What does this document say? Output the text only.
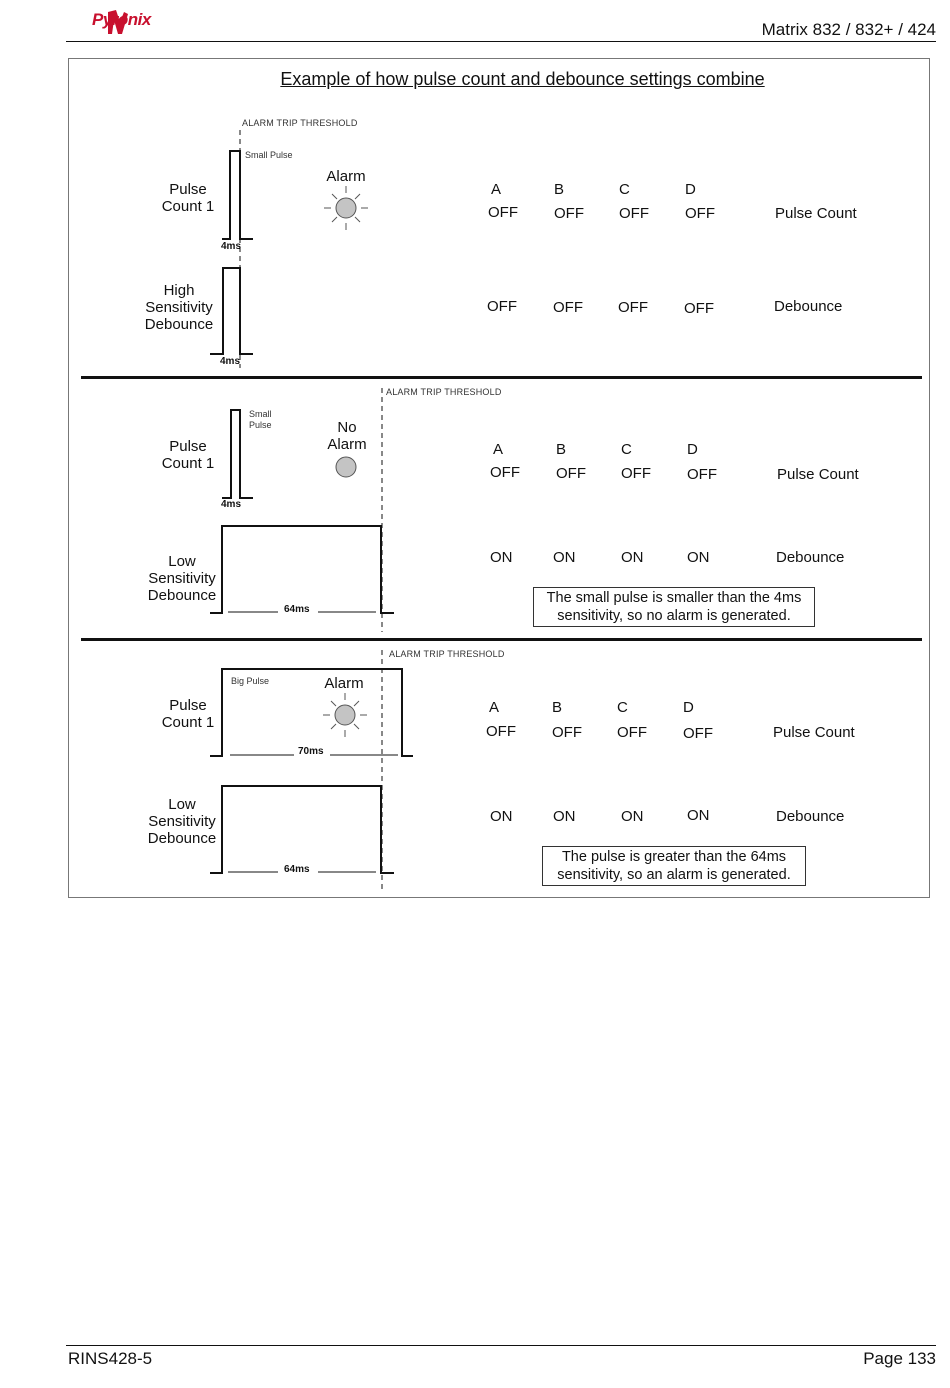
Pyronix
Matrix 832 / 832+ / 424
Example of how pulse count and debounce settings combine
ALARM TRIP THRESHOLD
Small Pulse
Pulse Count 1
4ms
Alarm
A	B	C	D
OFF OFF OFF OFF	Pulse Count
High Sensitivity Debounce
4ms
OFF OFF OFF OFF	Debounce
ALARM TRIP THRESHOLD
Small Pulse
Pulse Count 1
4ms
No Alarm	A	B	C	D
OFF OFF OFF OFF	Pulse Count
Low Sensitivity Debounce
64ms
ON	ON	ON	ON	Debounce
The small pulse is smaller than the 4ms sensitivity, so no alarm is generated.
ALARM TRIP THRESHOLD
Big Pulse
Pulse Count 1
70ms
Alarm
A	B	C	D
OFF OFF OFF OFF	Pulse Count
Low Sensitivity Debounce
64ms
ON	ON	ON	ON	Debounce
The pulse is greater than the 64ms sensitivity, so an alarm is generated.
RINS428-5	Page 133
